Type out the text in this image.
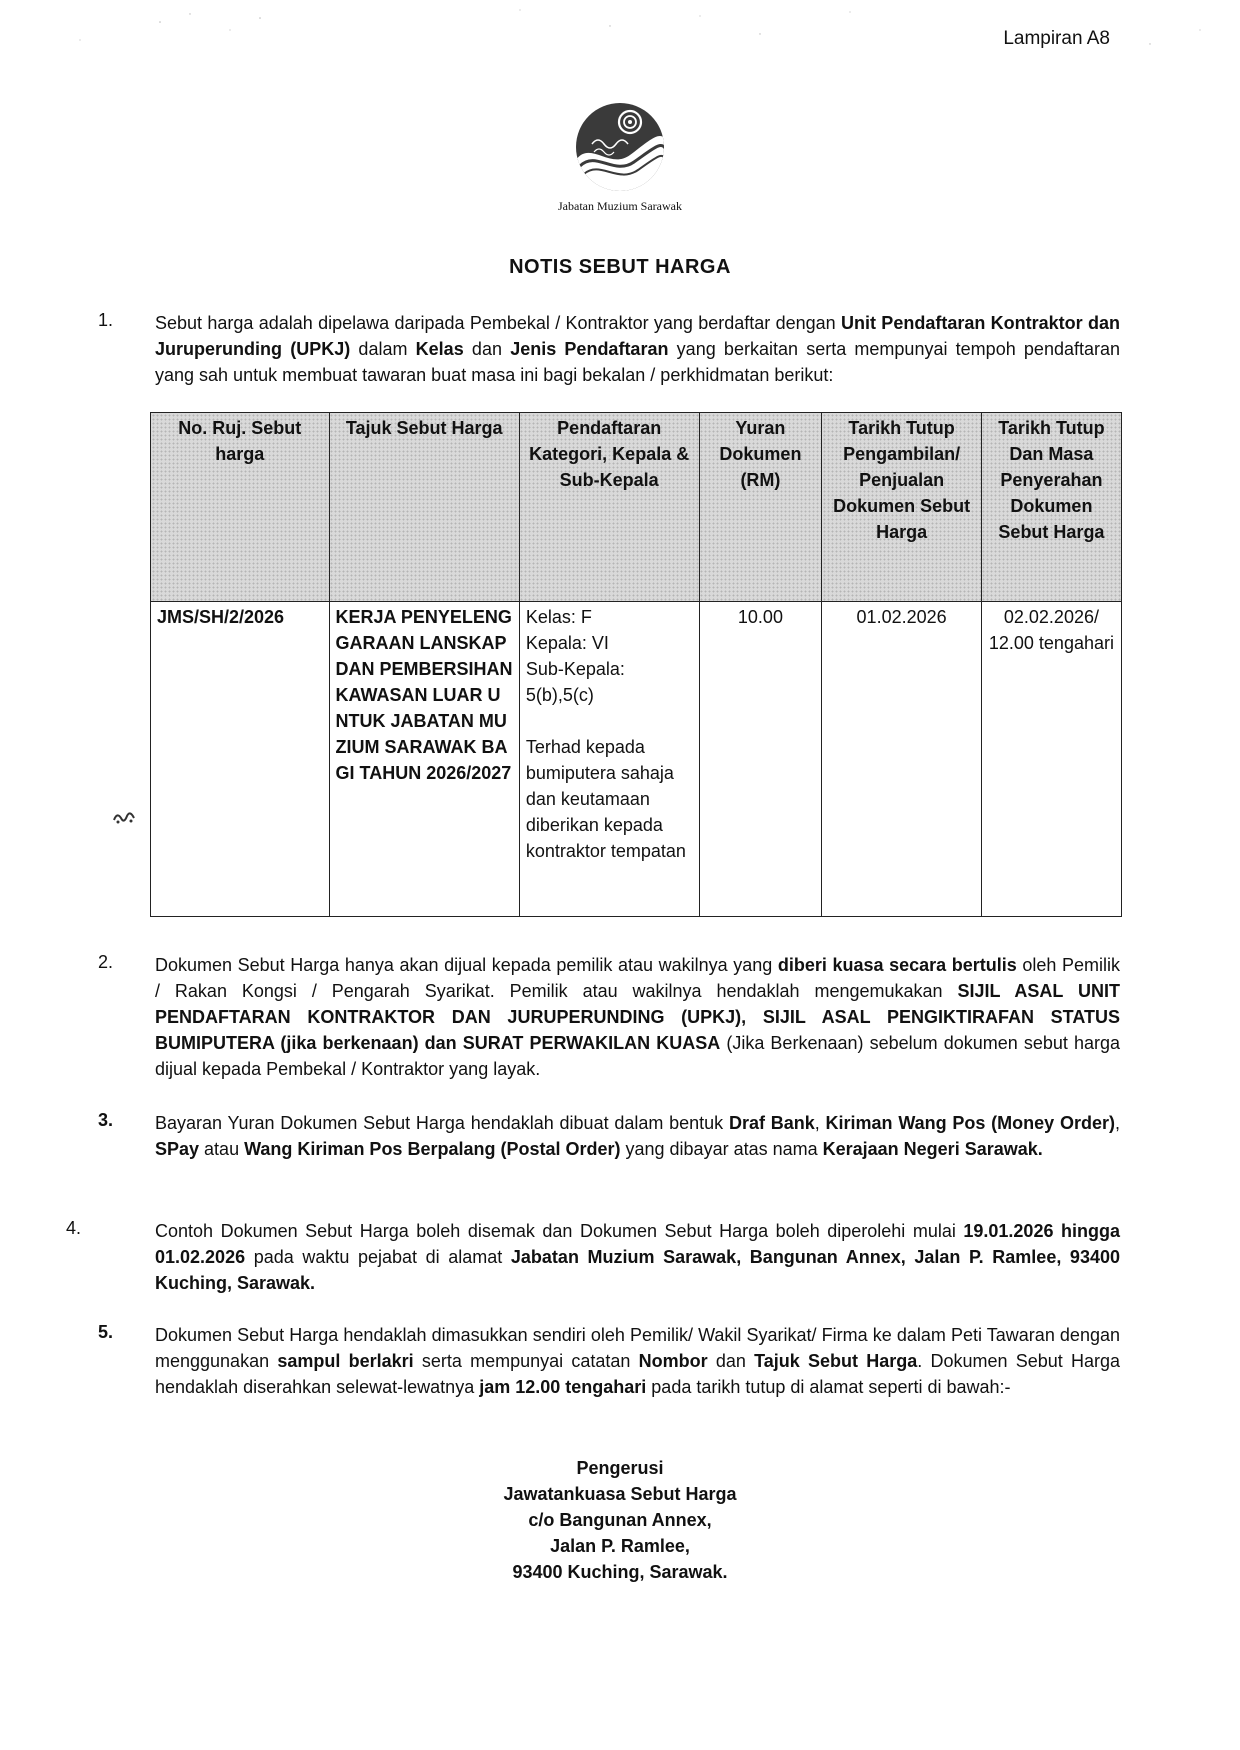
Lampiran A8
Jabatan Muzium Sarawak
NOTIS SEBUT HARGA
1. Sebut harga adalah dipelawa daripada Pembekal / Kontraktor yang berdaftar dengan Unit Pendaftaran Kontraktor dan Juruperunding (UPKJ) dalam Kelas dan Jenis Pendaftaran yang berkaitan serta mempunyai tempoh pendaftaran yang sah untuk membuat tawaran buat masa ini bagi bekalan / perkhidmatan berikut:
No. Ruj. Sebut harga	Tajuk Sebut Harga	Pendaftaran Kategori, Kepala & Sub-Kepala	Yuran Dokumen (RM)	Tarikh Tutup Pengambilan/ Penjualan Dokumen Sebut Harga	Tarikh Tutup Dan Masa Penyerahan Dokumen Sebut Harga
JMS/SH/2/2026	KERJA PENYELENGGARAAN LANSKAP DAN PEMBERSIHAN KAWASAN LUAR UNTUK JABATAN MUZIUM SARAWAK BAGI TAHUN 2026/2027	Kelas: F
Kepala: VI
Sub-Kepala: 5(b),5(c)
Terhad kepada bumiputera sahaja dan keutamaan diberikan kepada kontraktor tempatan	10.00	01.02.2026	02.02.2026/ 12.00 tengahari
2. Dokumen Sebut Harga hanya akan dijual kepada pemilik atau wakilnya yang diberi kuasa secara bertulis oleh Pemilik / Rakan Kongsi / Pengarah Syarikat. Pemilik atau wakilnya hendaklah mengemukakan SIJIL ASAL UNIT PENDAFTARAN KONTRAKTOR DAN JURUPERUNDING (UPKJ), SIJIL ASAL PENGIKTIRAFAN STATUS BUMIPUTERA (jika berkenaan) dan SURAT PERWAKILAN KUASA (Jika Berkenaan) sebelum dokumen sebut harga dijual kepada Pembekal / Kontraktor yang layak.
3. Bayaran Yuran Dokumen Sebut Harga hendaklah dibuat dalam bentuk Draf Bank, Kiriman Wang Pos (Money Order), SPay atau Wang Kiriman Pos Berpalang (Postal Order) yang dibayar atas nama Kerajaan Negeri Sarawak.
4.	Contoh Dokumen Sebut Harga boleh disemak dan Dokumen Sebut Harga boleh diperolehi mulai 19.01.2026 hingga 01.02.2026 pada waktu pejabat di alamat Jabatan Muzium Sarawak, Bangunan Annex, Jalan P. Ramlee, 93400 Kuching, Sarawak.
5. Dokumen Sebut Harga hendaklah dimasukkan sendiri oleh Pemilik/ Wakil Syarikat/ Firma ke dalam Peti Tawaran dengan menggunakan sampul berlakri serta mempunyai catatan Nombor dan Tajuk Sebut Harga. Dokumen Sebut Harga hendaklah diserahkan selewat-lewatnya jam 12.00 tengahari pada tarikh tutup di alamat seperti di bawah:-
Pengerusi
Jawatankuasa Sebut Harga
c/o Bangunan Annex,
Jalan P. Ramlee,
93400 Kuching, Sarawak.
